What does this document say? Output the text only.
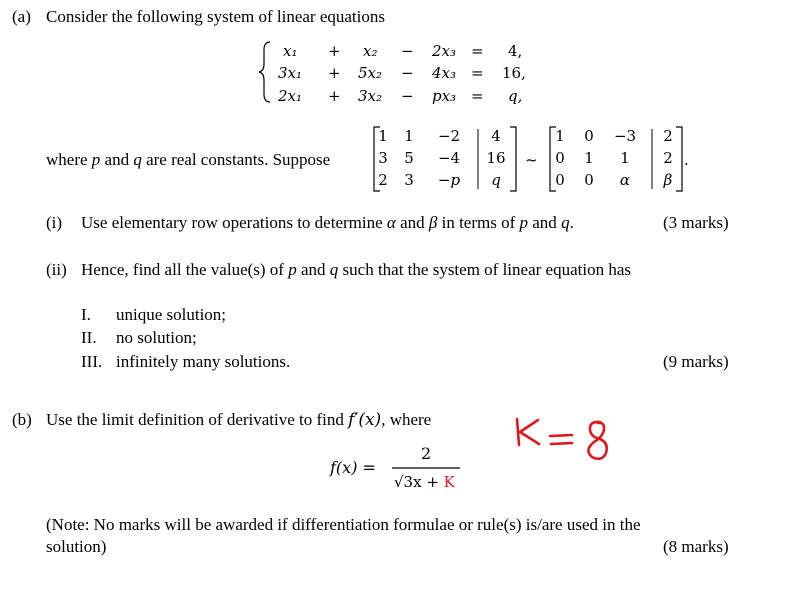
(a) Consider the following system of linear equations
x₁ + x₂ − 2x₃ = 4,
3x₁ + 5x₂ − 4x₃ = 16,
2x₁ + 3x₂ − px₃ = q,
where p and q are real constants. Suppose
1	1	−2	4
3	5	−4	16
2	3	−p	q
~
1	0	−3	2
0	1	1	2
0	0	α	β
.
(i) Use elementary row operations to determine α and β in terms of p and q.	(3 marks)
(ii) Hence, find all the value(s) of p and q such that the system of linear equation has
I. unique solution;
II. no solution;
III. infinitely many solutions.	(9 marks)
(b) Use the limit definition of derivative to find f′(x), where
f(x) =
2
√3x + K
(Note: No marks will be awarded if differentiation formulae or rule(s) is/are used in the
solution)	(8 marks)
